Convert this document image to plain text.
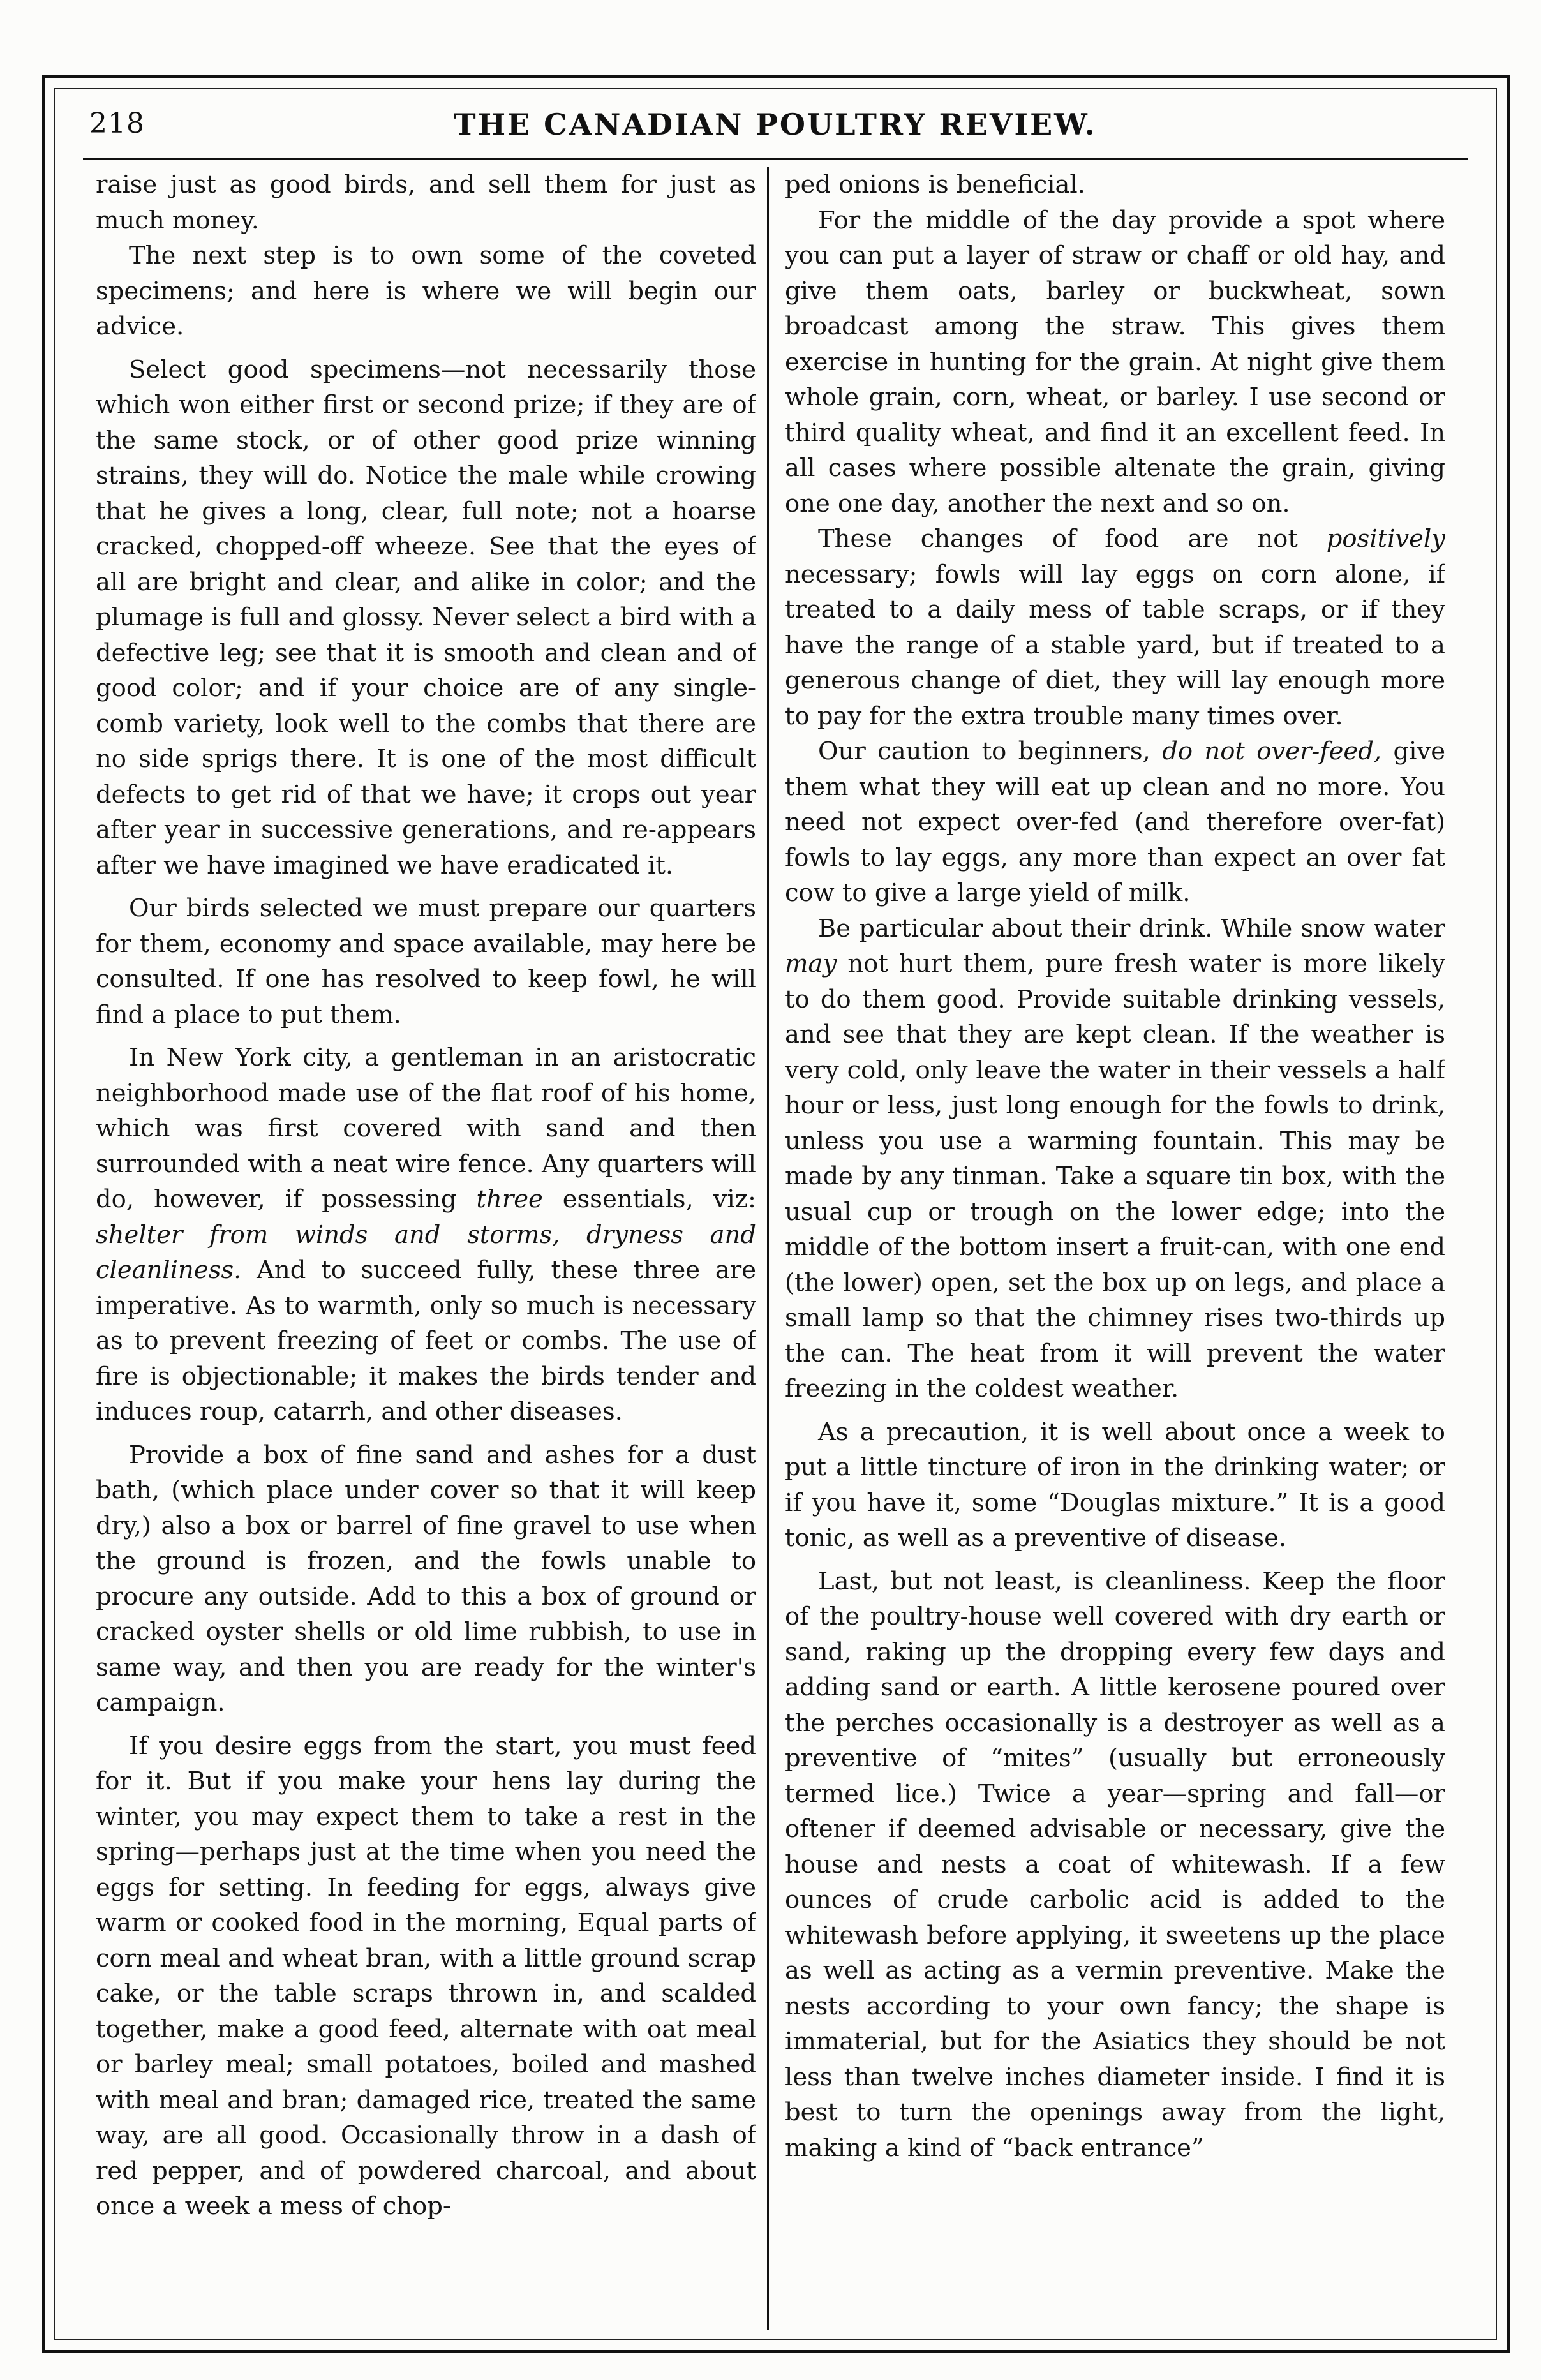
218	THE CANADIAN POULTRY REVIEW.

raise just as good birds, and sell them for just as much money.

The next step is to own some of the coveted specimens; and here is where we will begin our advice.

Select good specimens—not necessarily those which won either first or second prize; if they are of the same stock, or of other good prize winning strains, they will do. Notice the male while crowing that he gives a long, clear, full note; not a hoarse cracked, chopped-off wheeze. See that the eyes of all are bright and clear, and alike in color; and the plumage is full and glossy. Never select a bird with a defective leg; see that it is smooth and clean and of good color; and if your choice are of any single-comb variety, look well to the combs that there are no side sprigs there. It is one of the most difficult defects to get rid of that we have; it crops out year after year in successive generations, and re-appears after we have imagined we have eradicated it.

Our birds selected we must prepare our quarters for them, economy and space available, may here be consulted. If one has resolved to keep fowl, he will find a place to put them.

In New York city, a gentleman in an aristocratic neighborhood made use of the flat roof of his home, which was first covered with sand and then surrounded with a neat wire fence. Any quarters will do, however, if possessing three essentials, viz: shelter from winds and storms, dryness and cleanliness. And to succeed fully, these three are imperative. As to warmth, only so much is necessary as to prevent freezing of feet or combs. The use of fire is objectionable; it makes the birds tender and induces roup, catarrh, and other diseases.

Provide a box of fine sand and ashes for a dust bath, (which place under cover so that it will keep dry,) also a box or barrel of fine gravel to use when the ground is frozen, and the fowls unable to procure any outside. Add to this a box of ground or cracked oyster shells or old lime rubbish, to use in same way, and then you are ready for the winter's campaign.

If you desire eggs from the start, you must feed for it. But if you make your hens lay during the winter, you may expect them to take a rest in the spring—perhaps just at the time when you need the eggs for setting. In feeding for eggs, always give warm or cooked food in the morning, Equal parts of corn meal and wheat bran, with a little ground scrap cake, or the table scraps thrown in, and scalded together, make a good feed, alternate with oat meal or barley meal; small potatoes, boiled and mashed with meal and bran; damaged rice, treated the same way, are all good. Occasionally throw in a dash of red pepper, and of powdered charcoal, and about once a week a mess of chop-

ped onions is beneficial.

For the middle of the day provide a spot where you can put a layer of straw or chaff or old hay, and give them oats, barley or buckwheat, sown broadcast among the straw. This gives them exercise in hunting for the grain. At night give them whole grain, corn, wheat, or barley. I use second or third quality wheat, and find it an excellent feed. In all cases where possible altenate the grain, giving one one day, another the next and so on.

These changes of food are not positively necessary; fowls will lay eggs on corn alone, if treated to a daily mess of table scraps, or if they have the range of a stable yard, but if treated to a generous change of diet, they will lay enough more to pay for the extra trouble many times over.

Our caution to beginners, do not over-feed, give them what they will eat up clean and no more. You need not expect over-fed (and therefore over-fat) fowls to lay eggs, any more than expect an over fat cow to give a large yield of milk.

Be particular about their drink. While snow water may not hurt them, pure fresh water is more likely to do them good. Provide suitable drinking vessels, and see that they are kept clean. If the weather is very cold, only leave the water in their vessels a half hour or less, just long enough for the fowls to drink, unless you use a warming fountain. This may be made by any tinman. Take a square tin box, with the usual cup or trough on the lower edge; into the middle of the bottom insert a fruit-can, with one end (the lower) open, set the box up on legs, and place a small lamp so that the chimney rises two-thirds up the can. The heat from it will prevent the water freezing in the coldest weather.

As a precaution, it is well about once a week to put a little tincture of iron in the drinking water; or if you have it, some “Douglas mixture.” It is a good tonic, as well as a preventive of disease.

Last, but not least, is cleanliness. Keep the floor of the poultry-house well covered with dry earth or sand, raking up the dropping every few days and adding sand or earth. A little kerosene poured over the perches occasionally is a destroyer as well as a preventive of “mites” (usually but erroneously termed lice.) Twice a year—spring and fall—or oftener if deemed advisable or necessary, give the house and nests a coat of whitewash. If a few ounces of crude carbolic acid is added to the whitewash before applying, it sweetens up the place as well as acting as a vermin preventive. Make the nests according to your own fancy; the shape is immaterial, but for the Asiatics they should be not less than twelve inches diameter inside. I find it is best to turn the openings away from the light, making a kind of “back entrance”
